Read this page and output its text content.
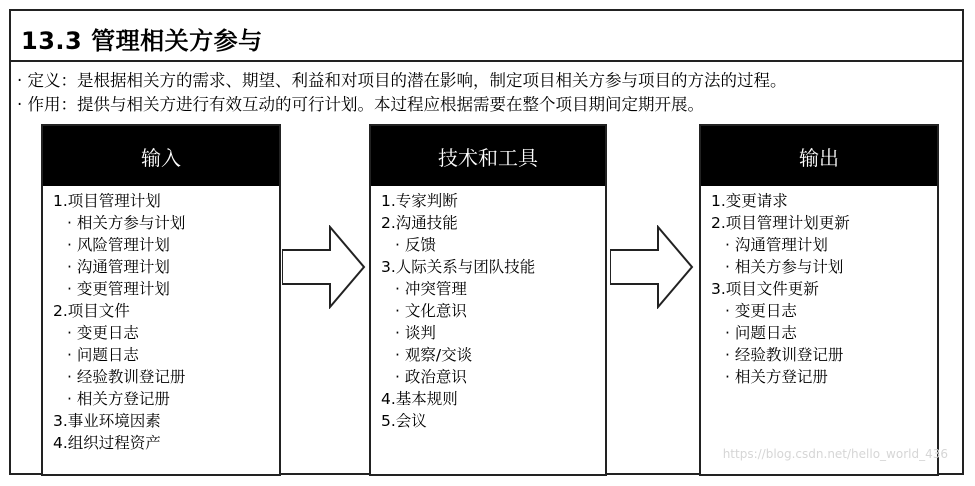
13.3 管理相关方参与
· 定义：是根据相关方的需求、期望、利益和对项目的潜在影响，制定项目相关方参与项目的方法的过程。
· 作用：提供与相关方进行有效互动的可行计划。本过程应根据需要在整个项目期间定期开展。
输入
1.项目管理计划
· 相关方参与计划
· 风险管理计划
· 沟通管理计划
· 变更管理计划
2.项目文件
· 变更日志
· 问题日志
· 经验教训登记册
· 相关方登记册
3.事业环境因素
4.组织过程资产
技术和工具
1.专家判断
2.沟通技能
· 反馈
3.人际关系与团队技能
· 冲突管理
· 文化意识
· 谈判
· 观察/交谈
· 政治意识
4.基本规则
5.会议
输出
1.变更请求
2.项目管理计划更新
· 沟通管理计划
· 相关方参与计划
3.项目文件更新
· 变更日志
· 问题日志
· 经验教训登记册
· 相关方登记册
https://blog.csdn.net/hello_world_436
